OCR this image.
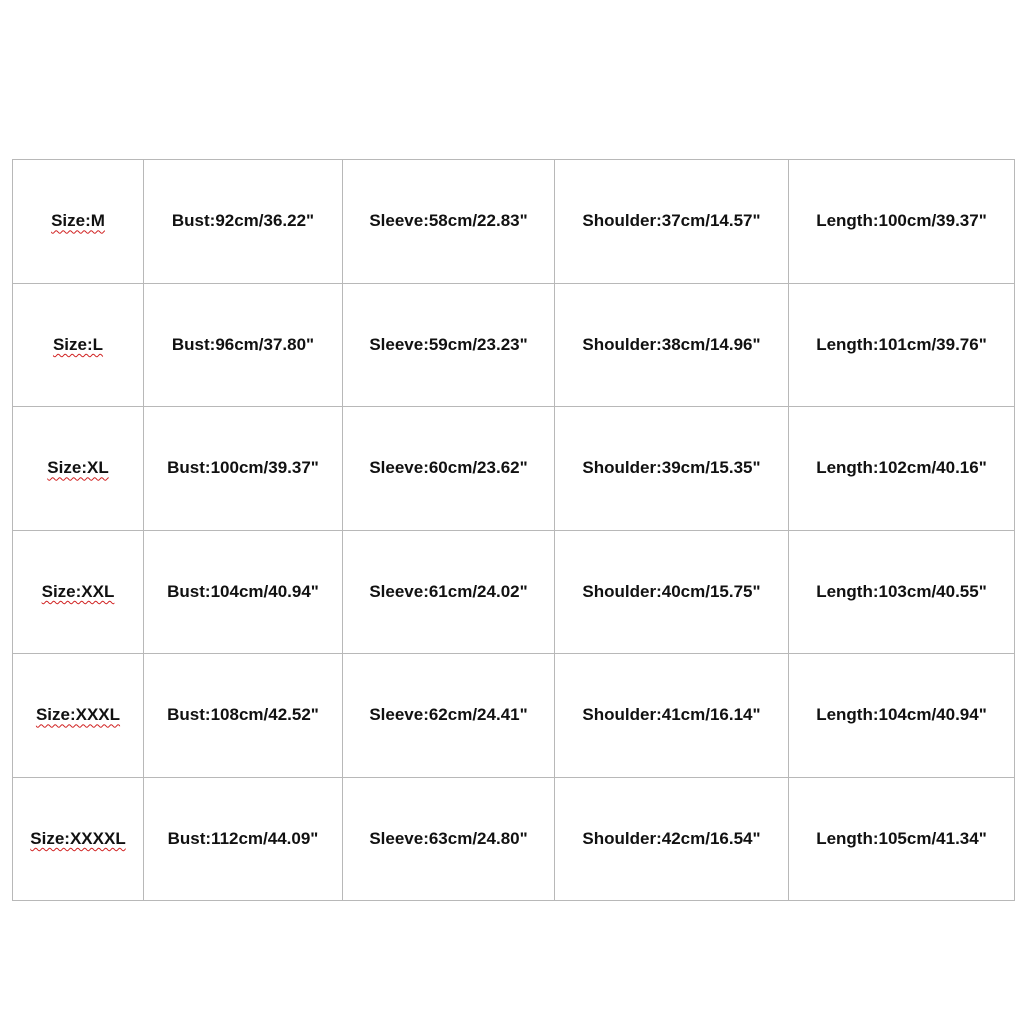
Size:M	Bust:92cm/36.22"	Sleeve:58cm/22.83"	Shoulder:37cm/14.57"	Length:100cm/39.37"
Size:L	Bust:96cm/37.80"	Sleeve:59cm/23.23"	Shoulder:38cm/14.96"	Length:101cm/39.76"
Size:XL	Bust:100cm/39.37"	Sleeve:60cm/23.62"	Shoulder:39cm/15.35"	Length:102cm/40.16"
Size:XXL	Bust:104cm/40.94"	Sleeve:61cm/24.02"	Shoulder:40cm/15.75"	Length:103cm/40.55"
Size:XXXL	Bust:108cm/42.52"	Sleeve:62cm/24.41"	Shoulder:41cm/16.14"	Length:104cm/40.94"
Size:XXXXL	Bust:112cm/44.09"	Sleeve:63cm/24.80"	Shoulder:42cm/16.54"	Length:105cm/41.34"
